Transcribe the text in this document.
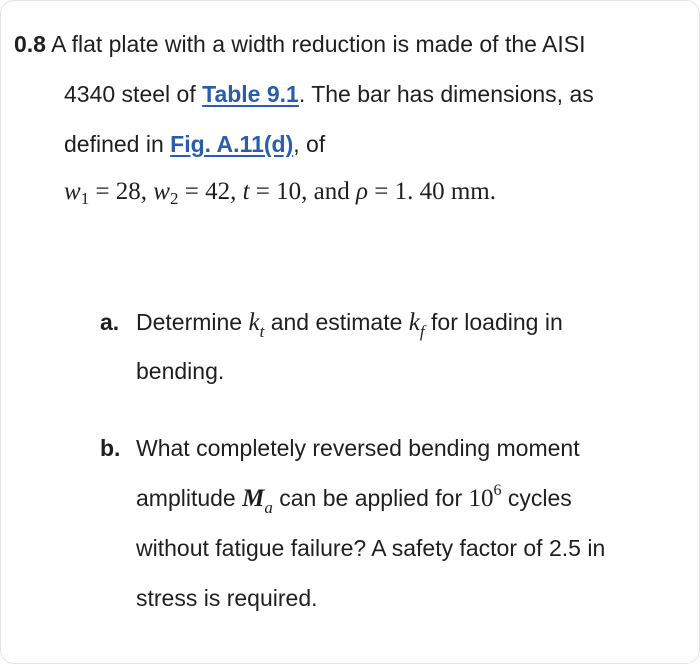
0.8 A flat plate with a width reduction is made of the AISI
4340 steel of Table 9.1. The bar has dimensions, as
defined in Fig. A.11(d), of
$w_1 = 28$, $w_2 = 42$, t = 10, and ρ = 1. 40 mm.
a. Determine $k_t$ and estimate $k_f$ for loading in
bending.
b. What completely reversed bending moment
amplitude $M_a$ can be applied for $10^6$ cycles
without fatigue failure? A safety factor of 2.5 in
stress is required.
